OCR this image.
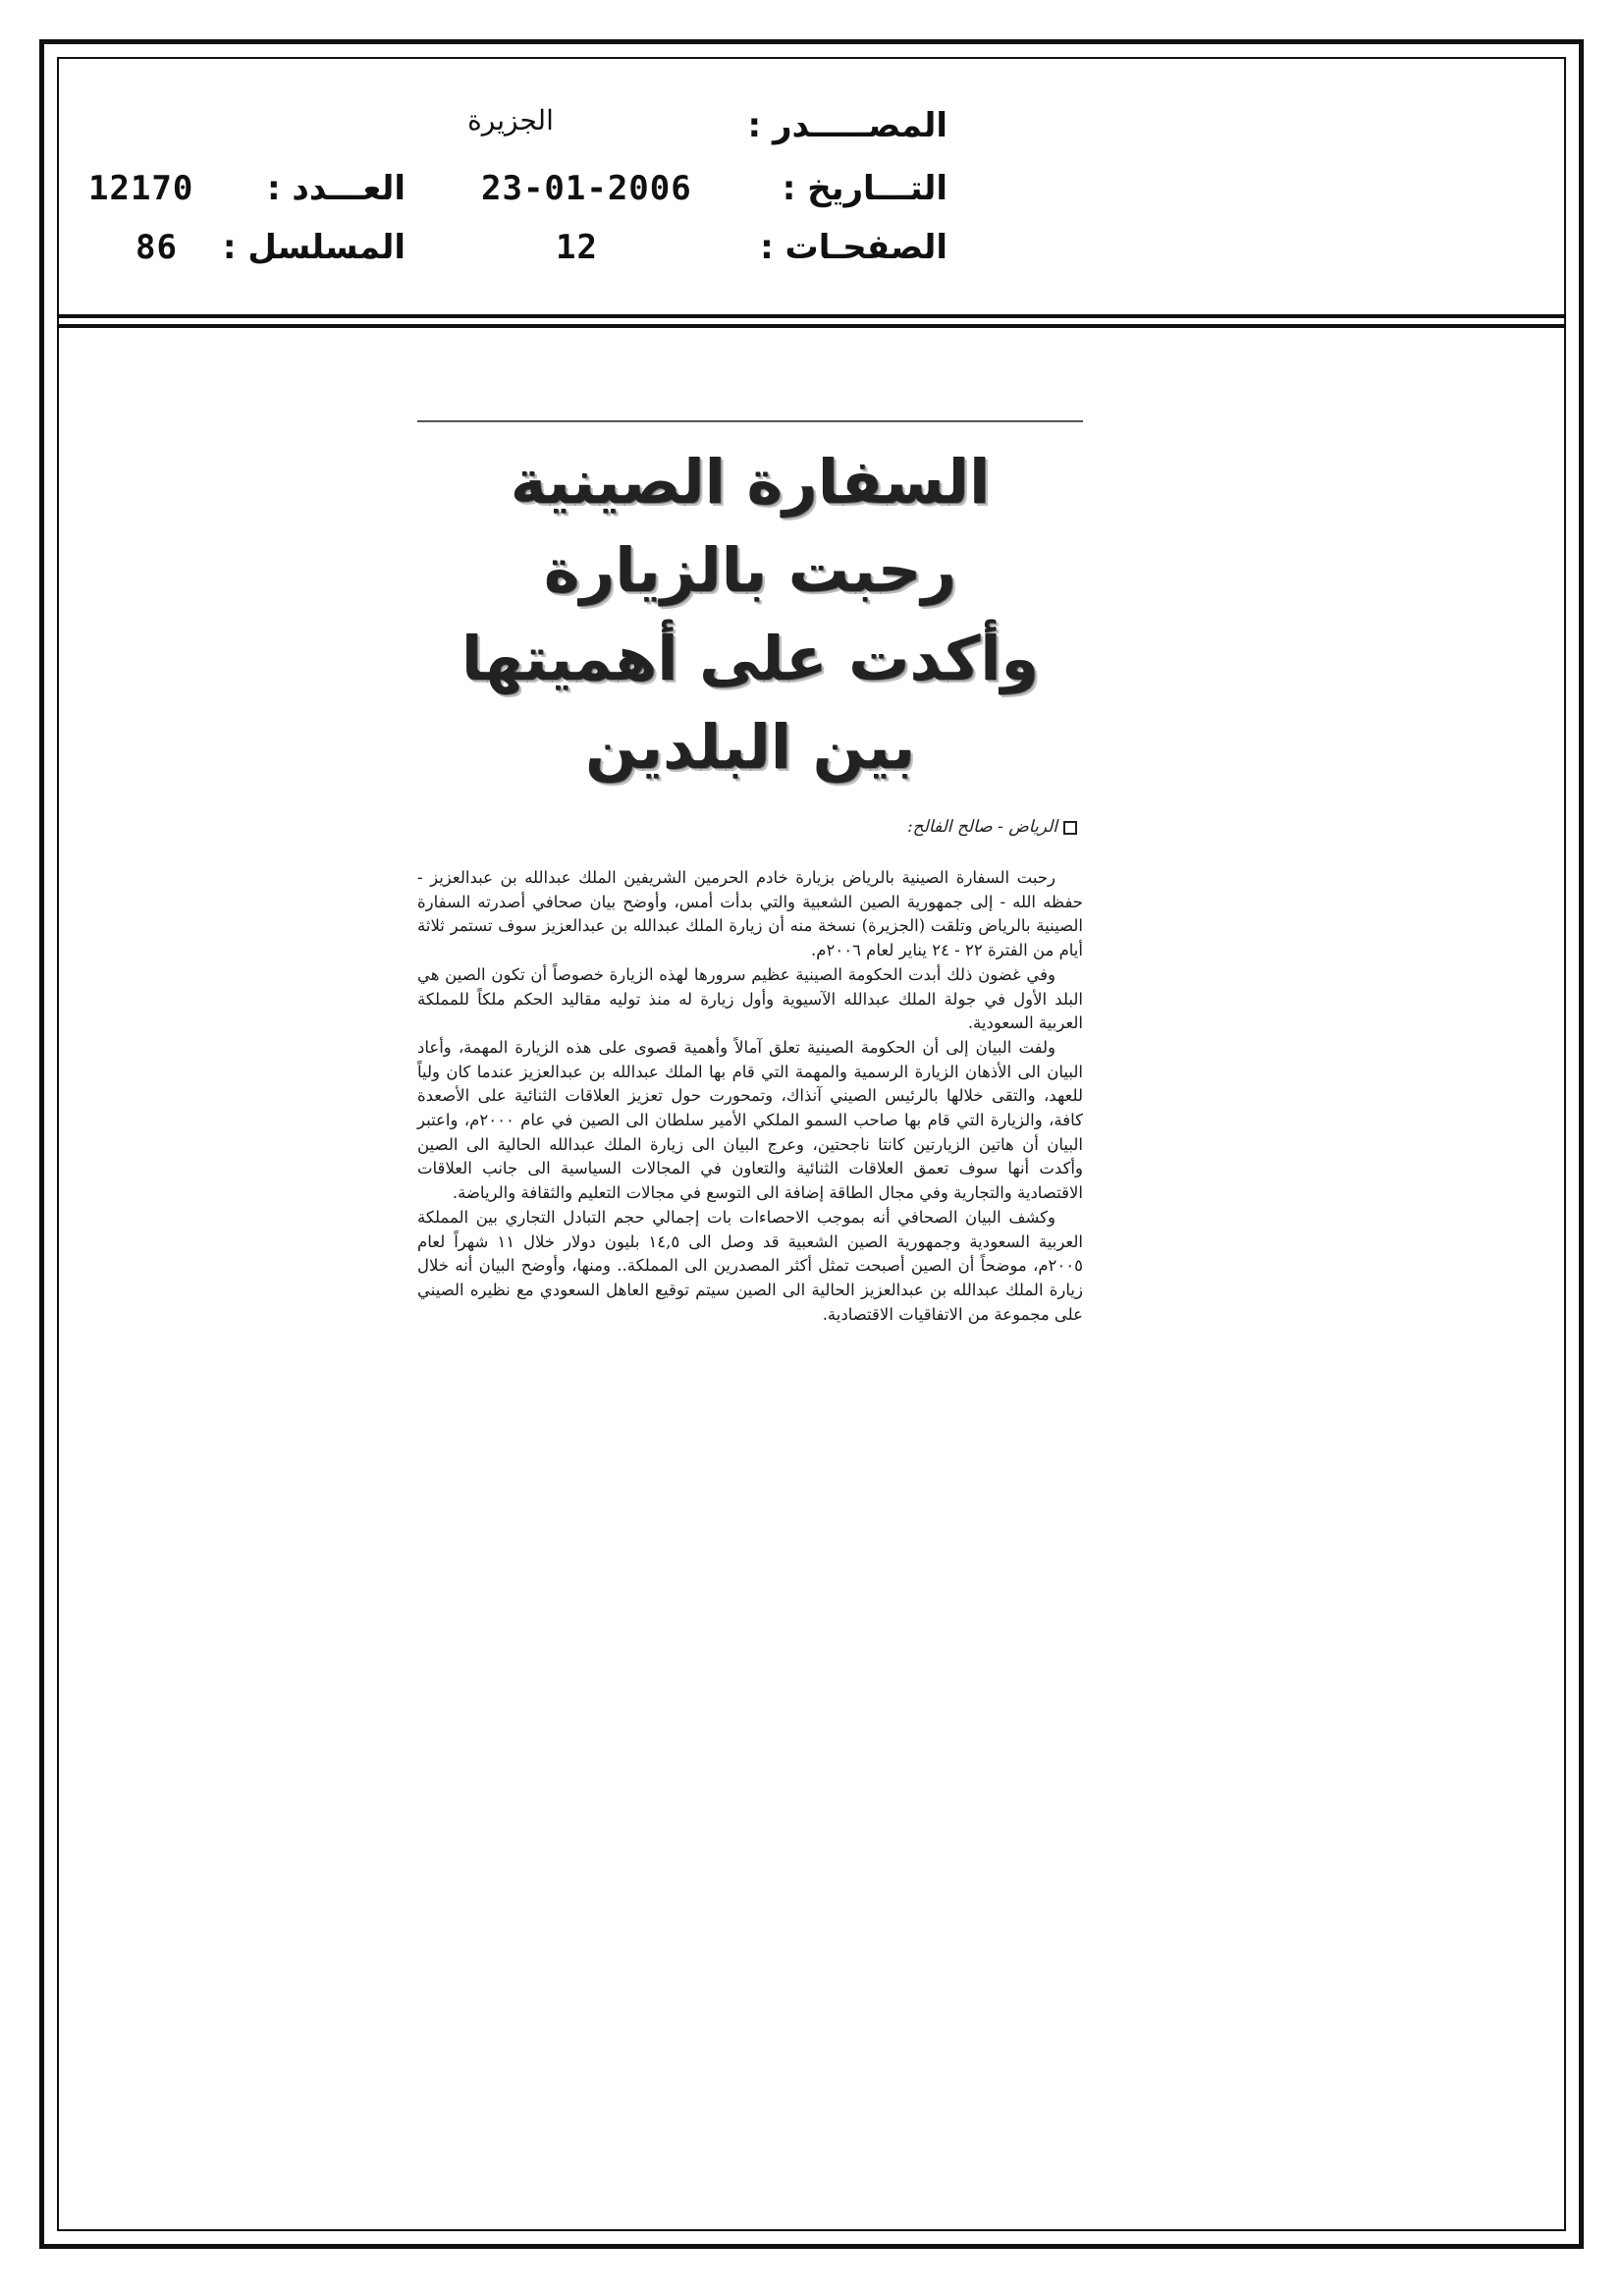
المصـــــدر :
الجزيرة
التـــاريخ :
23-01-2006
العـــدد :
12170
الصفحـات :
12
المسلسل :
86
السفارة الصينية رحبت بالزيارة
وأكدت على أهميتها بين البلدين
الرياض - صالح الفالح:

رحبت السفارة الصينية بالرياض بزيارة خادم الحرمين الشريفين الملك عبدالله بن عبدالعزيز - حفظه الله - إلى جمهورية الصين الشعبية والتي بدأت أمس، وأوضح بيان صحافي أصدرته السفارة الصينية بالرياض وتلقت (الجزيرة) نسخة منه أن زيارة الملك عبدالله بن عبدالعزيز سوف تستمر ثلاثة أيام من الفترة ٢٢ - ٢٤ يناير لعام ٢٠٠٦م.

وفي غضون ذلك أبدت الحكومة الصينية عظيم سرورها لهذه الزيارة خصوصاً أن تكون الصين هي البلد الأول في جولة الملك عبدالله الآسيوية وأول زيارة له منذ توليه مقاليد الحكم ملكاً للمملكة العربية السعودية.

ولفت البيان إلى أن الحكومة الصينية تعلق آمالاً وأهمية قصوى على هذه الزيارة المهمة، وأعاد البيان الى الأذهان الزيارة الرسمية والمهمة التي قام بها الملك عبدالله بن عبدالعزيز عندما كان ولياً للعهد، والتقى خلالها بالرئيس الصيني آنذاك، وتمحورت حول تعزيز العلاقات الثنائية على الأصعدة كافة، والزيارة التي قام بها صاحب السمو الملكي الأمير سلطان الى الصين في عام ٢٠٠٠م، واعتبر البيان أن هاتين الزيارتين كانتا ناجحتين، وعرج البيان الى زيارة الملك عبدالله الحالية الى الصين وأكدت أنها سوف تعمق العلاقات الثنائية والتعاون في المجالات السياسية الى جانب العلاقات الاقتصادية والتجارية وفي مجال الطاقة إضافة الى التوسع في مجالات التعليم والثقافة والرياضة.

وكشف البيان الصحافي أنه بموجب الاحصاءات بات إجمالي حجم التبادل التجاري بين المملكة العربية السعودية وجمهورية الصين الشعبية قد وصل الى ١٤,٥ بليون دولار خلال ١١ شهراً لعام ٢٠٠٥م، موضحاً أن الصين أصبحت تمثل أكثر المصدرين الى المملكة.. ومنها، وأوضح البيان أنه خلال زيارة الملك عبدالله بن عبدالعزيز الحالية الى الصين سيتم توقيع العاهل السعودي مع نظيره الصيني على مجموعة من الاتفاقيات الاقتصادية.
